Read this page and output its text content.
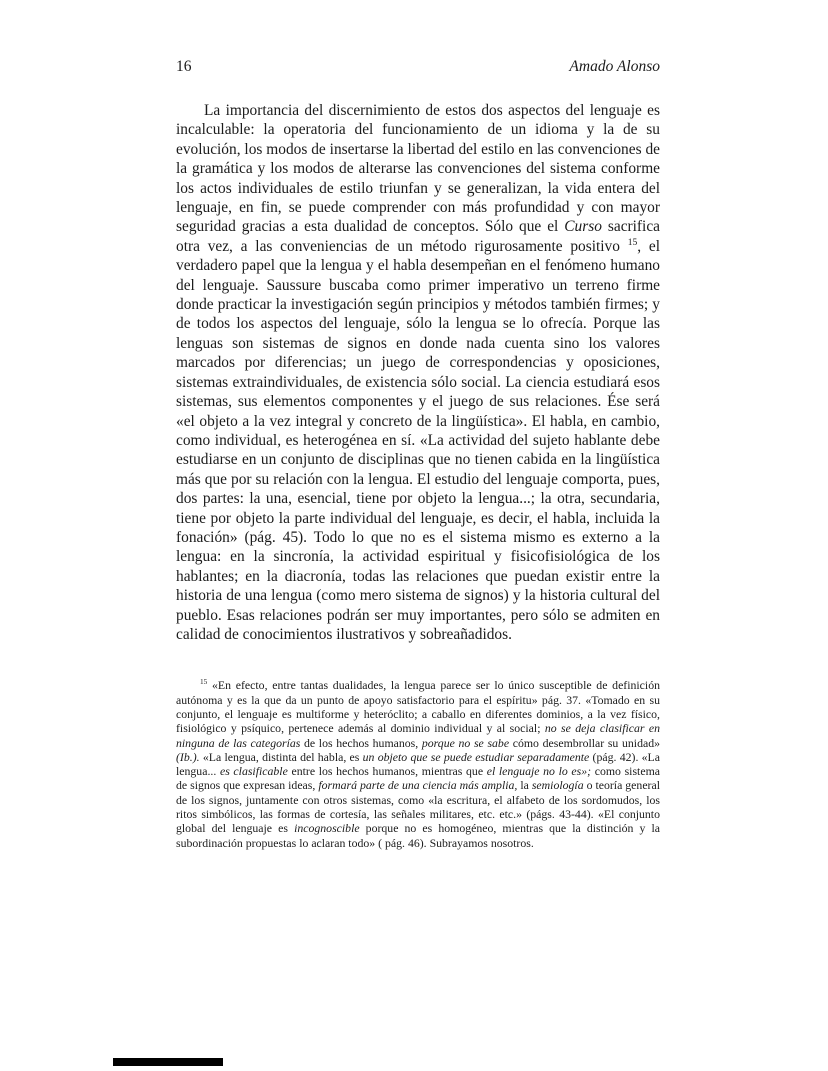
16	Amado Alonso

La importancia del discernimiento de estos dos aspectos del lenguaje es incalculable: la operatoria del funcionamiento de un idioma y la de su evolución, los modos de insertarse la libertad del estilo en las convenciones de la gramática y los modos de alterarse las convenciones del sistema conforme los actos individuales de estilo triunfan y se generalizan, la vida entera del lenguaje, en fin, se puede comprender con más profundidad y con mayor seguridad gracias a esta dualidad de conceptos. Sólo que el Curso sacrifica otra vez, a las conveniencias de un método rigurosamente positivo $^{15}$, el verdadero papel que la lengua y el habla desempeñan en el fenómeno humano del lenguaje. Saussure buscaba como primer imperativo un terreno firme donde practicar la investigación según principios y métodos también firmes; y de todos los aspectos del lenguaje, sólo la lengua se lo ofrecía. Porque las lenguas son sistemas de signos en donde nada cuenta sino los valores marcados por diferencias; un juego de correspondencias y oposiciones, sistemas extraindividuales, de existencia sólo social. La ciencia estudiará esos sistemas, sus elementos componentes y el juego de sus relaciones. Ése será «el objeto a la vez integral y concreto de la lingüística». El habla, en cambio, como individual, es heterogénea en sí. «La actividad del sujeto hablante debe estudiarse en un conjunto de disciplinas que no tienen cabida en la lingüística más que por su relación con la lengua. El estudio del lenguaje comporta, pues, dos partes: la una, esencial, tiene por objeto la lengua...; la otra, secundaria, tiene por objeto la parte individual del lenguaje, es decir, el habla, incluida la fonación» (pág. 45). Todo lo que no es el sistema mismo es externo a la lengua: en la sincronía, la actividad espiritual y fisicofisiológica de los hablantes; en la diacronía, todas las relaciones que puedan existir entre la historia de una lengua (como mero sistema de signos) y la historia cultural del pueblo. Esas relaciones podrán ser muy importantes, pero sólo se admiten en calidad de conocimientos ilustrativos y sobreañadidos.

$^{15}$ «En efecto, entre tantas dualidades, la lengua parece ser lo único susceptible de definición autónoma y es la que da un punto de apoyo satisfactorio para el espíritu» pág. 37. «Tomado en su conjunto, el lenguaje es multiforme y heteróclito; a caballo en diferentes dominios, a la vez físico, fisiológico y psíquico, pertenece además al dominio individual y al social; no se deja clasificar en ninguna de las categorías de los hechos humanos, porque no se sabe cómo desembrollar su unidad» (Ib.). «La lengua, distinta del habla, es un objeto que se puede estudiar separadamente (pág. 42). «La lengua... es clasificable entre los hechos humanos, mientras que el lenguaje no lo es»; como sistema de signos que expresan ideas, formará parte de una ciencia más amplia, la semiología o teoría general de los signos, juntamente con otros sistemas, como «la escritura, el alfabeto de los sordomudos, los ritos simbólicos, las formas de cortesía, las señales militares, etc. etc.» (págs. 43-44). «El conjunto global del lenguaje es incognoscible porque no es homogéneo, mientras que la distinción y la subordinación propuestas lo aclaran todo» ( pág. 46). Subrayamos nosotros.
